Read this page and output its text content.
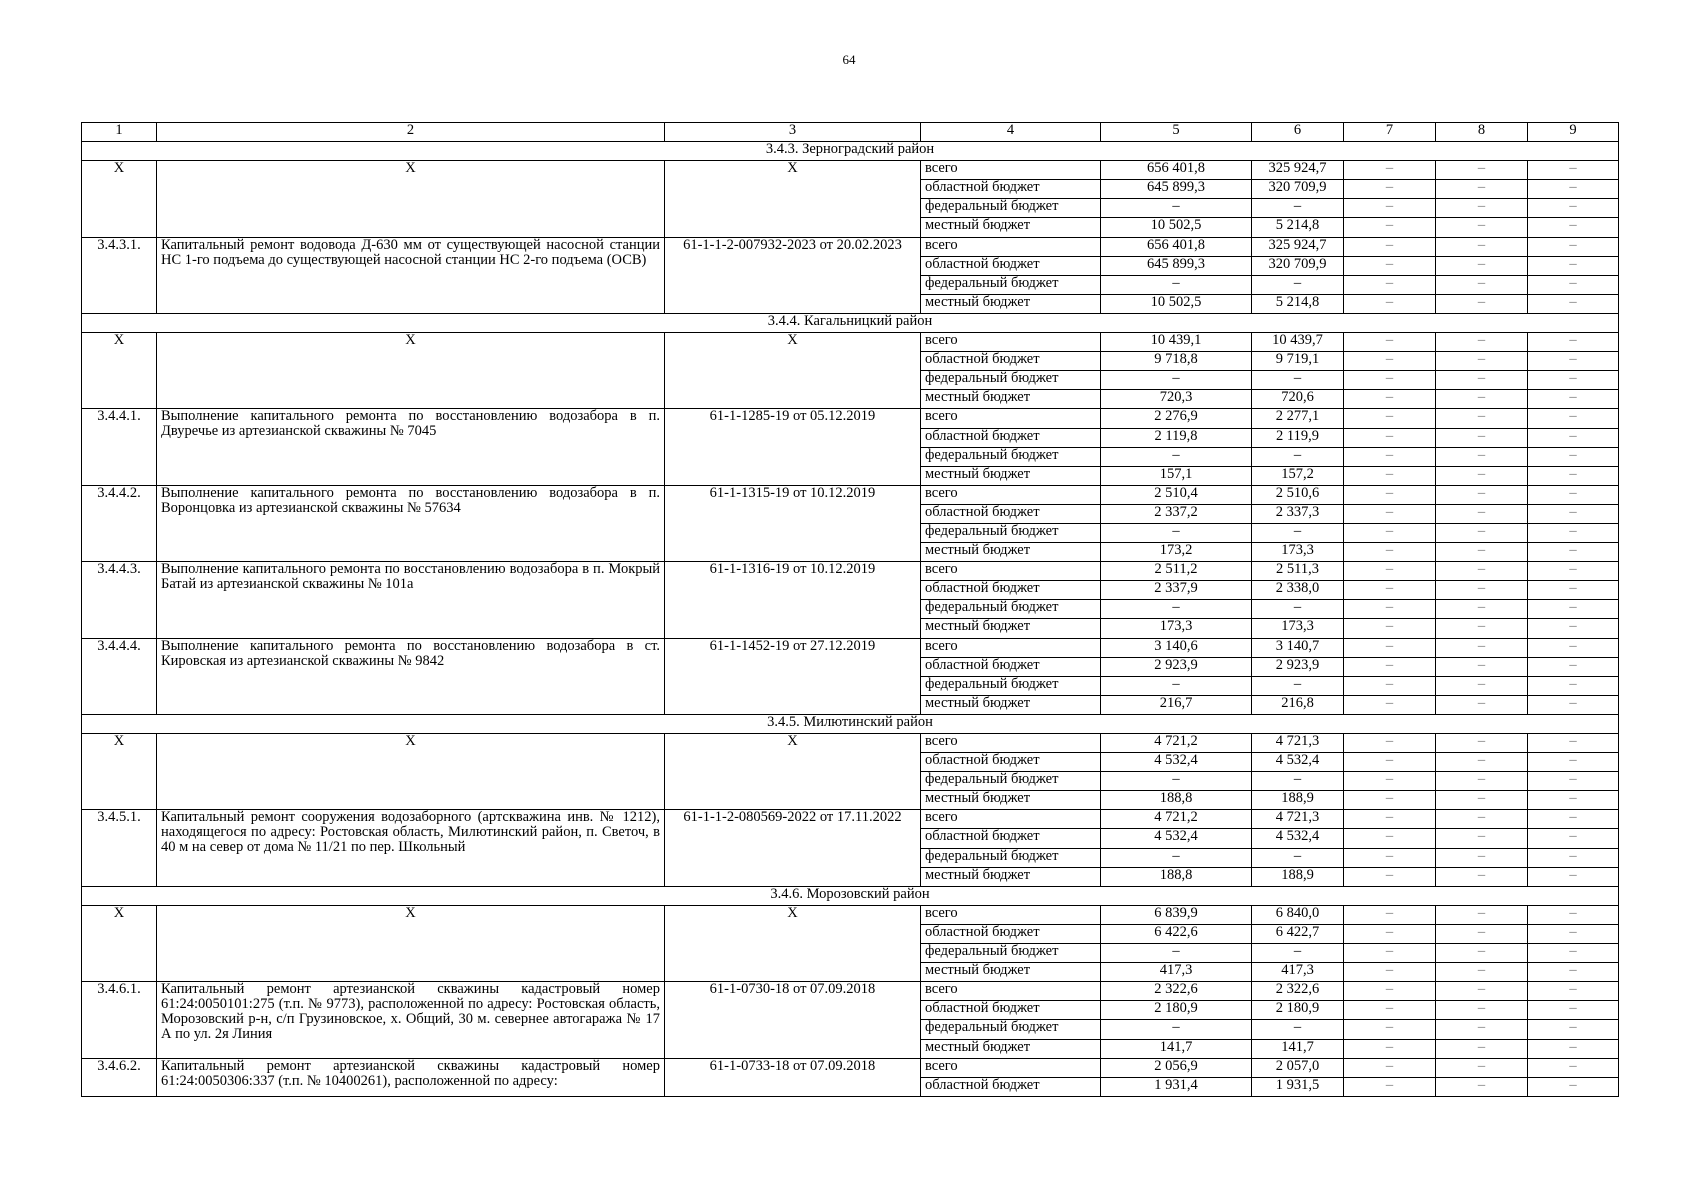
64
1	2	3	4	5	6	7	8	9
3.4.3. Зерноградский район								
X	X	X	всего	656 401,8	325 924,7	–	–	–
			областной бюджет	645 899,3	320 709,9	–	–	–
			федеральный бюджет	–	–	–	–	–
			местный бюджет	10 502,5	5 214,8	–	–	–
3.4.3.1.	Капитальный ремонт водовода Д-630 мм от существующей насосной станции НС 1-го подъема до существующей насосной станции НС 2-го подъема (ОСВ)	61-1-1-2-007932-2023 от 20.02.2023	всего	656 401,8	325 924,7	–	–	–
			областной бюджет	645 899,3	320 709,9	–	–	–
			федеральный бюджет	–	–	–	–	–
			местный бюджет	10 502,5	5 214,8	–	–	–
3.4.4. Кагальницкий район								
X	X	X	всего	10 439,1	10 439,7	–	–	–
			областной бюджет	9 718,8	9 719,1	–	–	–
			федеральный бюджет	–	–	–	–	–
			местный бюджет	720,3	720,6	–	–	–
3.4.4.1.	Выполнение капитального ремонта по восстановлению водозабора в п. Двуречье из артезианской скважины № 7045	61-1-1285-19 от 05.12.2019	всего	2 276,9	2 277,1	–	–	–
			областной бюджет	2 119,8	2 119,9	–	–	–
			федеральный бюджет	–	–	–	–	–
			местный бюджет	157,1	157,2	–	–	–
3.4.4.2.	Выполнение капитального ремонта по восстановлению водозабора в п. Воронцовка из артезианской скважины № 57634	61-1-1315-19 от 10.12.2019	всего	2 510,4	2 510,6	–	–	–
			областной бюджет	2 337,2	2 337,3	–	–	–
			федеральный бюджет	–	–	–	–	–
			местный бюджет	173,2	173,3	–	–	–
3.4.4.3.	Выполнение капитального ремонта по восстановлению водозабора в п. Мокрый Батай из артезианской скважины № 101а	61-1-1316-19 от 10.12.2019	всего	2 511,2	2 511,3	–	–	–
			областной бюджет	2 337,9	2 338,0	–	–	–
			федеральный бюджет	–	–	–	–	–
			местный бюджет	173,3	173,3	–	–	–
3.4.4.4.	Выполнение капитального ремонта по восстановлению водозабора в ст. Кировская из артезианской скважины № 9842	61-1-1452-19 от 27.12.2019	всего	3 140,6	3 140,7	–	–	–
			областной бюджет	2 923,9	2 923,9	–	–	–
			федеральный бюджет	–	–	–	–	–
			местный бюджет	216,7	216,8	–	–	–
3.4.5. Милютинский район								
X	X	X	всего	4 721,2	4 721,3	–	–	–
			областной бюджет	4 532,4	4 532,4	–	–	–
			федеральный бюджет	–	–	–	–	–
			местный бюджет	188,8	188,9	–	–	–
3.4.5.1.	Капитальный ремонт сооружения водозаборного (артскважина инв. № 1212), находящегося по адресу: Ростовская область, Милютинский район, п. Светоч, в 40 м на север от дома № 11/21 по пер. Школьный	61-1-1-2-080569-2022 от 17.11.2022	всего	4 721,2	4 721,3	–	–	–
			областной бюджет	4 532,4	4 532,4	–	–	–
			федеральный бюджет	–	–	–	–	–
			местный бюджет	188,8	188,9	–	–	–
3.4.6. Морозовский район								
X	X	X	всего	6 839,9	6 840,0	–	–	–
			областной бюджет	6 422,6	6 422,7	–	–	–
			федеральный бюджет	–	–	–	–	–
			местный бюджет	417,3	417,3	–	–	–
3.4.6.1.	Капитальный ремонт артезианской скважины кадастровый номер 61:24:0050101:275 (т.п. № 9773), расположенной по адресу: Ростовская область, Морозовский р-н, с/п Грузиновское, х. Общий, 30 м. севернее автогаража № 17 А по ул. 2я Линия	61-1-0730-18 от 07.09.2018	всего	2 322,6	2 322,6	–	–	–
			областной бюджет	2 180,9	2 180,9	–	–	–
			федеральный бюджет	–	–	–	–	–
			местный бюджет	141,7	141,7	–	–	–
3.4.6.2.	Капитальный ремонт артезианской скважины кадастровый номер 61:24:0050306:337 (т.п. № 10400261), расположенной по адресу:	61-1-0733-18 от 07.09.2018	всего	2 056,9	2 057,0	–	–	–
			областной бюджет	1 931,4	1 931,5	–	–	–
